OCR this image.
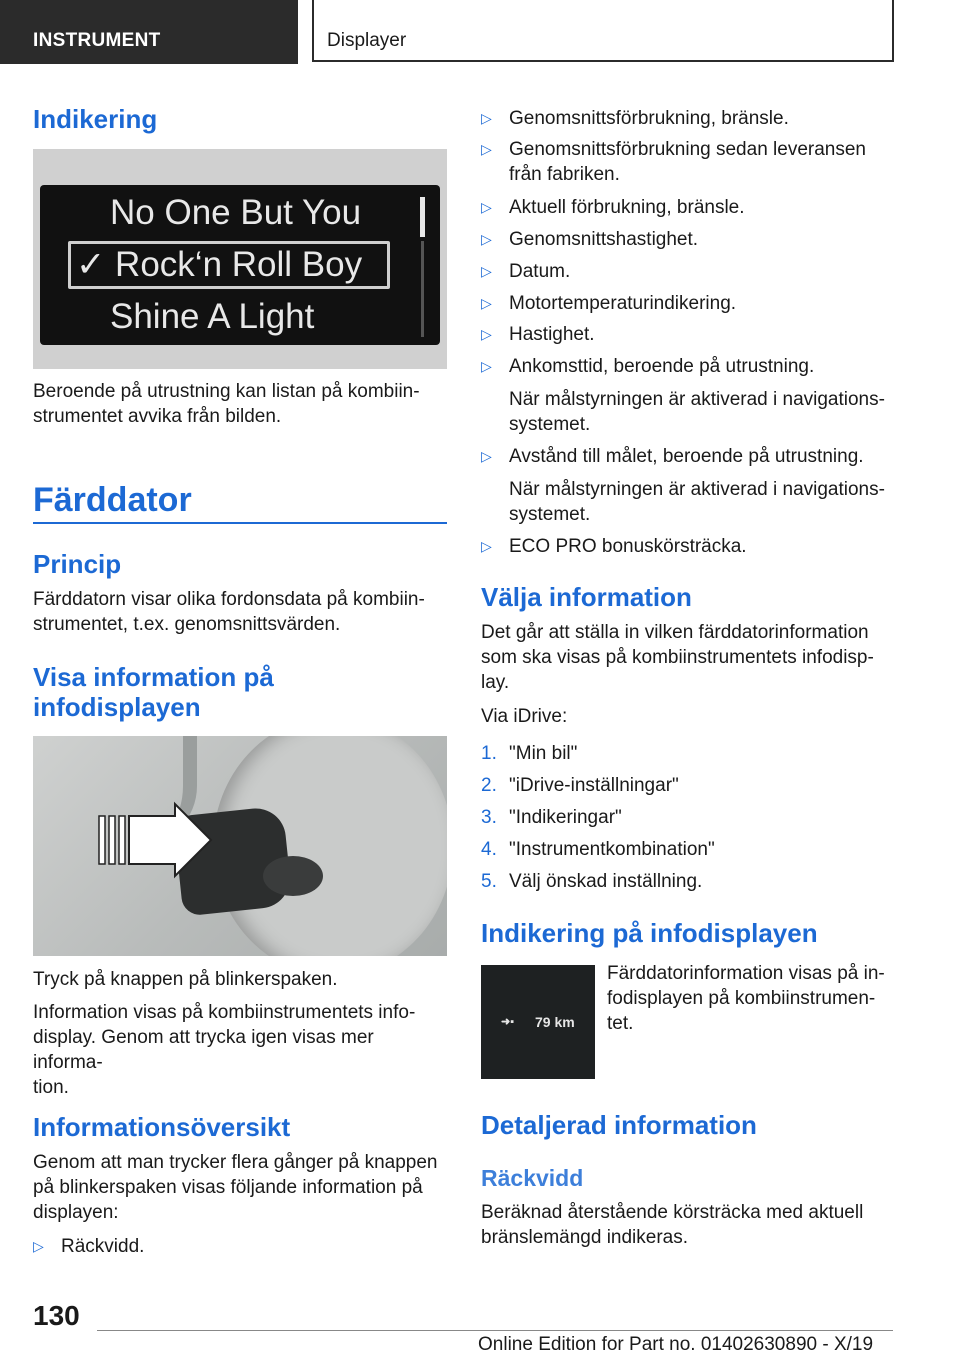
INSTRUMENT	Displayer
Indikering
No One But You
✓ Rock‘n Roll Boy
Shine A Light
Beroende på utrustning kan listan på kombiin-
strumentet avvika från bilden.
Färddator
Princip
Färddatorn visar olika fordonsdata på kombiin-
strumentet, t.ex. genomsnittsvärden.
Visa information på
infodisplayen
Tryck på knappen på blinkerspaken.
Information visas på kombiinstrumentets info-
display. Genom att trycka igen visas mer informa-
tion.
Informationsöversikt
Genom att man trycker flera gånger på knappen
på blinkerspaken visas följande information på
displayen:
▷ Räckvidd.
▷ Genomsnittsförbrukning, bränsle.
▷ Genomsnittsförbrukning sedan leveransen
från fabriken.
▷ Aktuell förbrukning, bränsle.
▷ Genomsnittshastighet.
▷ Datum.
▷ Motortemperaturindikering.
▷ Hastighet.
▷ Ankomsttid, beroende på utrustning.
När målstyrningen är aktiverad i navigations-
systemet.
▷ Avstånd till målet, beroende på utrustning.
När målstyrningen är aktiverad i navigations-
systemet.
▷ ECO PRO bonuskörsträcka.
Välja information
Det går att ställa in vilken färddatorinformation
som ska visas på kombiinstrumentets infodisp-
lay.
Via iDrive:
1. "Min bil"
2. "iDrive-inställningar"
3. "Indikeringar"
4. "Instrumentkombination"
5. Välj önskad inställning.
Indikering på infodisplayen
➜▪ 79 km
Färddatorinformation visas på in-
fodisplayen på kombiinstrumen-
tet.
Detaljerad information
Räckvidd
Beräknad återstående körsträcka med aktuell
bränslemängd indikeras.
130
Online Edition for Part no. 01402630890 - X/19
